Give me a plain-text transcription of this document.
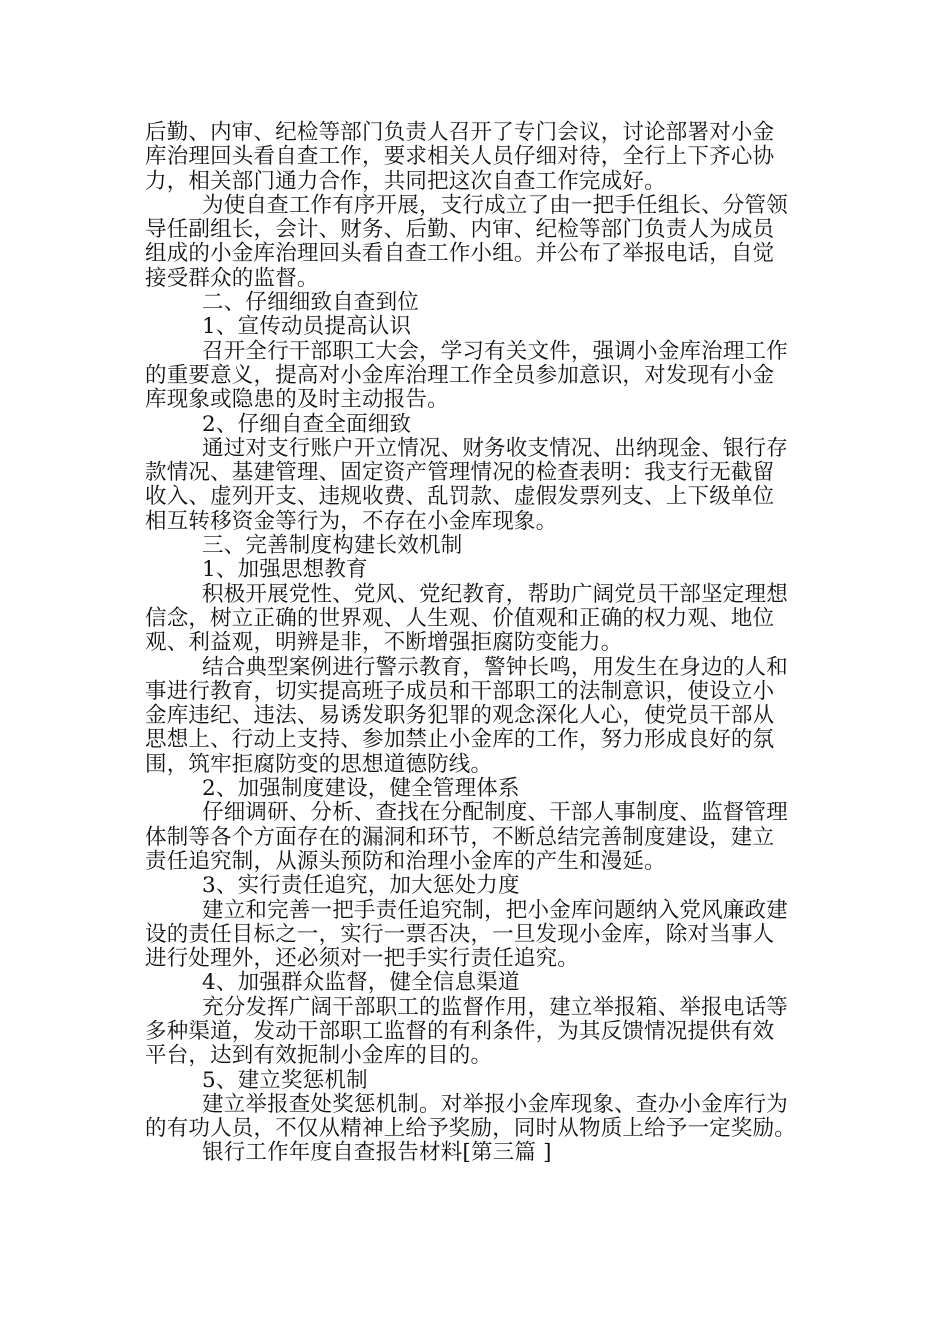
后勤、内审、纪检等部门负责人召开了专门会议，讨论部署对小金
库治理回头看自查工作，要求相关人员仔细对待，全行上下齐心协
力，相关部门通力合作，共同把这次自查工作完成好。
为使自查工作有序开展，支行成立了由一把手任组长、分管领
导任副组长，会计、财务、后勤、内审、纪检等部门负责人为成员
组成的小金库治理回头看自查工作小组。并公布了举报电话，自觉
接受群众的监督。
二、仔细细致自查到位
1、宣传动员提高认识
召开全行干部职工大会，学习有关文件，强调小金库治理工作
的重要意义，提高对小金库治理工作全员参加意识，对发现有小金
库现象或隐患的及时主动报告。
2、仔细自查全面细致
通过对支行账户开立情况、财务收支情况、出纳现金、银行存
款情况、基建管理、固定资产管理情况的检查表明：我支行无截留
收入、虚列开支、违规收费、乱罚款、虚假发票列支、上下级单位
相互转移资金等行为，不存在小金库现象。
三、完善制度构建长效机制
1、加强思想教育
积极开展党性、党风、党纪教育，帮助广阔党员干部坚定理想
信念，树立正确的世界观、人生观、价值观和正确的权力观、地位
观、利益观，明辨是非，不断增强拒腐防变能力。
结合典型案例进行警示教育，警钟长鸣，用发生在身边的人和
事进行教育，切实提高班子成员和干部职工的法制意识，使设立小
金库违纪、违法、易诱发职务犯罪的观念深化人心，使党员干部从
思想上、行动上支持、参加禁止小金库的工作，努力形成良好的氛
围，筑牢拒腐防变的思想道德防线。
2、加强制度建设，健全管理体系
仔细调研、分析、查找在分配制度、干部人事制度、监督管理
体制等各个方面存在的漏洞和环节，不断总结完善制度建设，建立
责任追究制，从源头预防和治理小金库的产生和漫延。
3、实行责任追究，加大惩处力度
建立和完善一把手责任追究制，把小金库问题纳入党风廉政建
设的责任目标之一，实行一票否决，一旦发现小金库，除对当事人
进行处理外，还必须对一把手实行责任追究。
4、加强群众监督，健全信息渠道
充分发挥广阔干部职工的监督作用，建立举报箱、举报电话等
多种渠道，发动干部职工监督的有利条件，为其反馈情况提供有效
平台，达到有效扼制小金库的目的。
5、建立奖惩机制
建立举报查处奖惩机制。对举报小金库现象、查办小金库行为
的有功人员，不仅从精神上给予奖励，同时从物质上给予一定奖励。
银行工作年度自查报告材料[第三篇 ]
